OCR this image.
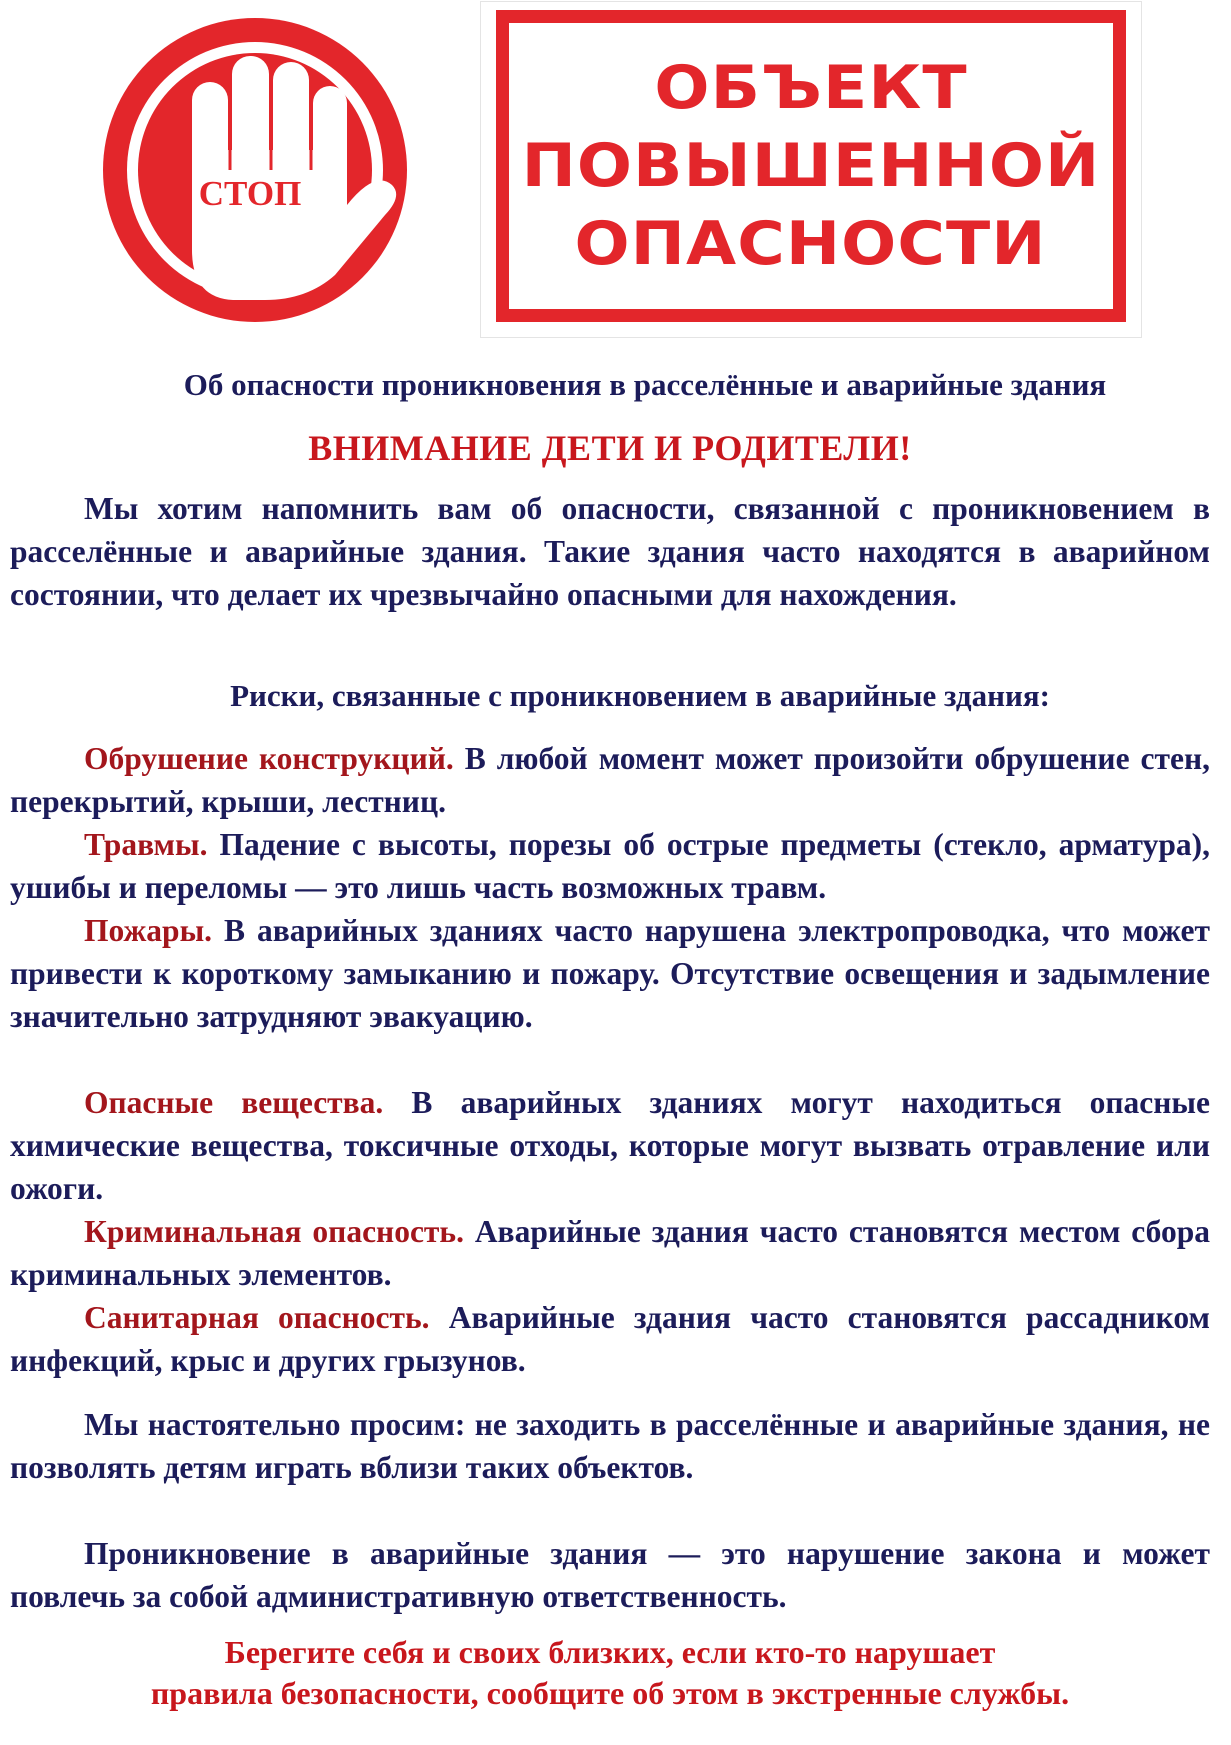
СТОП
ОБЪЕКТ
ПОВЫШЕННОЙ
ОПАСНОСТИ
Об опасности проникновения в расселённые и аварийные здания
ВНИМАНИЕ ДЕТИ И РОДИТЕЛИ!

Мы хотим напомнить вам об опасности, связанной с проникновением в расселённые и аварийные здания. Такие здания часто находятся в аварийном состоянии, что делает их чрезвычайно опасными для нахождения.

Риски, связанные с проникновением в аварийные здания:

Обрушение конструкций. В любой момент может произойти обрушение стен, перекрытий, крыши, лестниц.

Травмы. Падение с высоты, порезы об острые предметы (стекло, арматура), ушибы и переломы — это лишь часть возможных травм.

Пожары. В аварийных зданиях часто нарушена электропроводка, что может привести к короткому замыканию и пожару. Отсутствие освещения и задымление значительно затрудняют эвакуацию.

Опасные вещества. В аварийных зданиях могут находиться опасные химические вещества, токсичные отходы, которые могут вызвать отравление или ожоги.

Криминальная опасность. Аварийные здания часто становятся местом сбора криминальных элементов.

Санитарная опасность. Аварийные здания часто становятся рассадником инфекций, крыс и других грызунов.

Мы настоятельно просим: не заходить в расселённые и аварийные здания, не позволять детям играть вблизи таких объектов.

Проникновение в аварийные здания — это нарушение закона и может повлечь за собой административную ответственность.

Берегите себя и своих близких, если кто-то нарушает
правила безопасности, сообщите об этом в экстренные службы.
